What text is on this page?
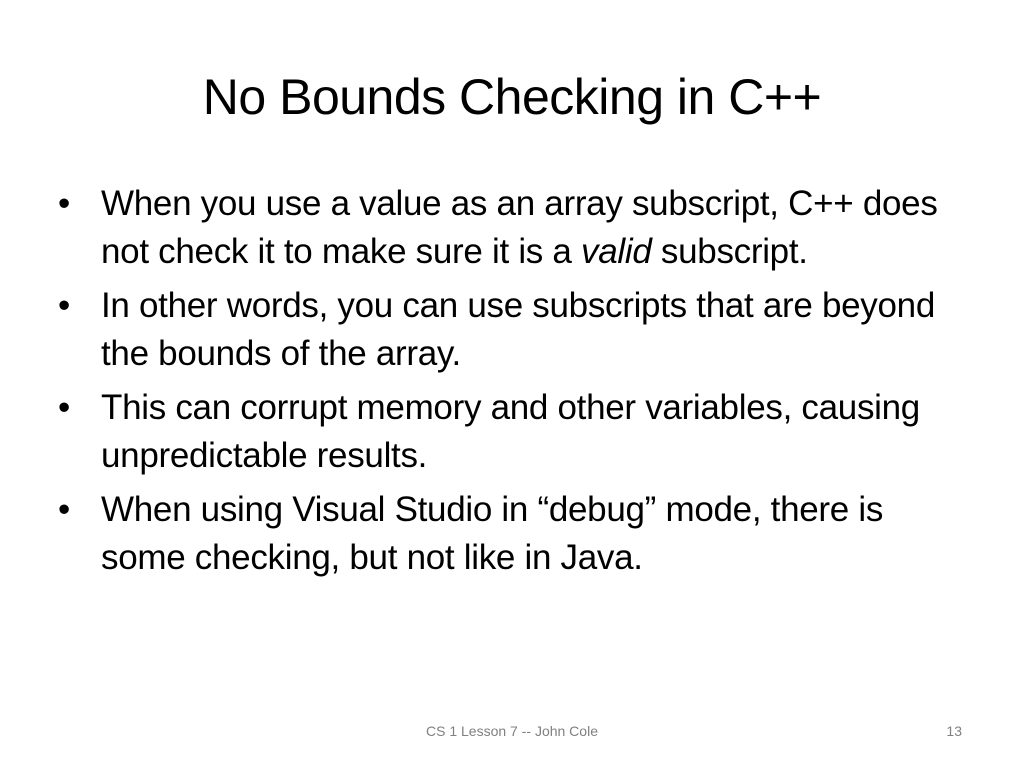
No Bounds Checking in C++
• When you use a value as an array subscript, C++ does not check it to make sure it is a valid subscript.
• In other words, you can use subscripts that are beyond the bounds of the array.
• This can corrupt memory and other variables, causing unpredictable results.
• When using Visual Studio in “debug” mode, there is some checking, but not like in Java.
CS 1 Lesson 7 -- John Cole	13
